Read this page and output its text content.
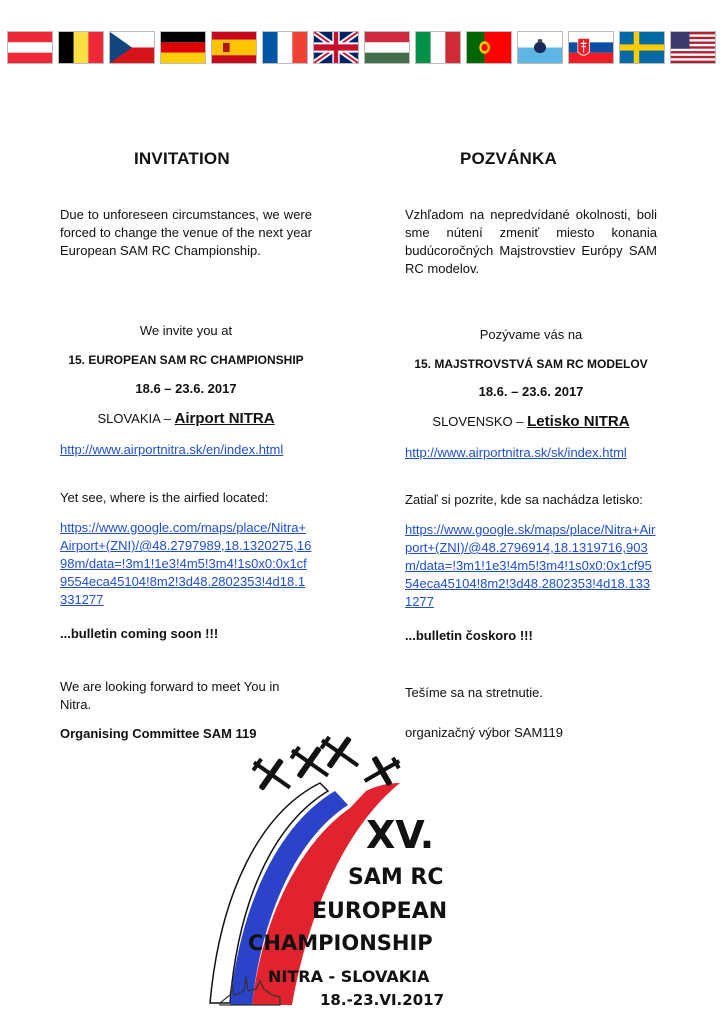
INVITATION
Due to unforeseen circumstances, we were forced to change the venue of the next year European SAM RC Championship.
We invite you at
15. EUROPEAN SAM RC CHAMPIONSHIP
18.6 – 23.6. 2017
SLOVAKIA – Airport NITRA
http://www.airportnitra.sk/en/index.html
Yet see, where is the airfied located:
https://www.google.com/maps/place/Nitra+Airport+(ZNI)/@48.2797989,18.1320275,1698m/data=!3m1!1e3!4m5!3m4!1s0x0:0x1cf9554eca45104!8m2!3d48.2802353!4d18.1331277
...bulletin coming soon !!!
We are looking forward to meet You in Nitra.
Organising Committee SAM 119
POZVÁNKA
Vzhľadom na nepredvídané okolnosti, boli sme nútení zmeniť miesto konania budúcoročných Majstrovstiev Európy SAM RC modelov.
Pozývame vás na
15. MAJSTROVSTVÁ SAM RC MODELOV
18.6. – 23.6. 2017
SLOVENSKO – Letisko NITRA
http://www.airportnitra.sk/sk/index.html
Zatiaľ si pozrite, kde sa nachádza letisko:
https://www.google.sk/maps/place/Nitra+Airport+(ZNI)/@48.2796914,18.1319716,903m/data=!3m1!1e3!4m5!3m4!1s0x0:0x1cf9554eca45104!8m2!3d48.2802353!4d18.1331277
...bulletin čoskoro !!!
Tešíme sa na stretnutie.
organizačný výbor SAM119
XV.
SAM RC
EUROPEAN
CHAMPIONSHIP
NITRA - SLOVAKIA
18.-23.VI.2017
